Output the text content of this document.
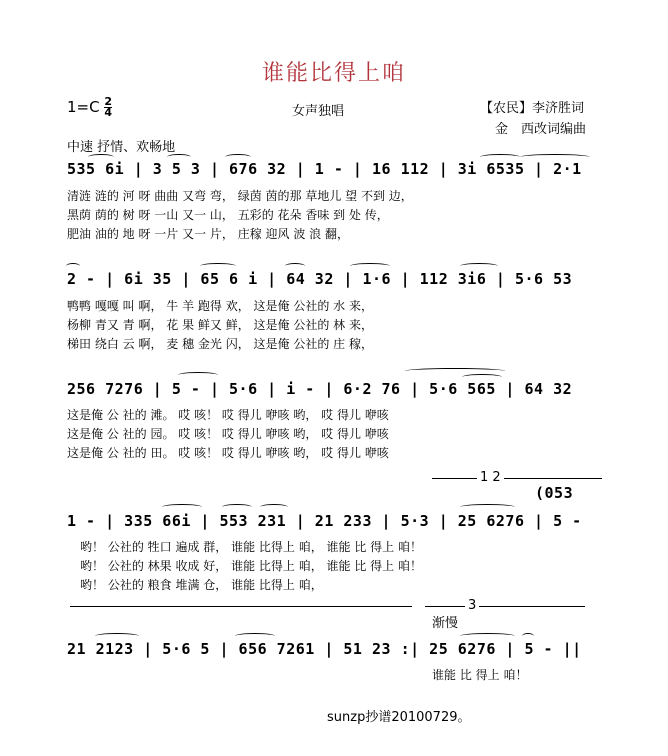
谁能比得上咱
$1=C \frac{2}{4}$	女声独唱	【农民】李济胜词
金　西改词编曲
中速 抒情、欢畅地
535 6i | 3 5 3 | 676 32 | 1 - | 16 112 | 3i 6535 | 2·1
清涟 涟的 河 呀 曲曲 又弯 弯， 绿茵 茵的那 草地儿 望 不到 边，
黑荫 荫的 树 呀 一山 又一 山， 五彩的 花朵 香味 到 处 传，
肥油 油的 地 呀 一片 又一 片， 庄稼 迎风 波 浪 翻，
2 - | 6i 35 | 65 6 i | 64 32 | 1·6 | 112 3i6 | 5·6 53
鸭鸭 嘎嘎 叫 啊， 牛 羊 跑得 欢， 这是俺 公社的 水 来，
杨柳 青又 青 啊， 花 果 鲜又 鲜， 这是俺 公社的 林 来，
梯田 绕白 云 啊， 麦 穗 金光 闪， 这是俺 公社的 庄 稼，
256 7276 | 5 - | 5·6 | i - | 6·2 76 | 5·6 565 | 64 32
这是俺 公 社的 滩。 哎 咳！ 哎 得儿 咿咳 哟， 哎 得儿 咿咳
这是俺 公 社的 园。 哎 咳！ 哎 得儿 咿咳 哟， 哎 得儿 咿咳
这是俺 公 社的 田。 哎 咳！ 哎 得儿 咿咳 哟， 哎 得儿 咿咳
1 2
(053
1 - | 335 66i | 553 231 | 21 233 | 5·3 | 25 6276 | 5 -
哟！ 公社的 牲口 遍成 群， 谁能 比得上 咱， 谁能 比 得上 咱！
哟！ 公社的 林果 收成 好， 谁能 比得上 咱， 谁能 比 得上 咱！
哟！ 公社的 粮食 堆满 仓， 谁能 比得上 咱，
3
渐慢
21 2123 | 5·6 5 | 656 7261 | 51 23 :| 25 6276 | 5 - ||
谁能 比 得上 咱！
sunzp抄谱20100729。
